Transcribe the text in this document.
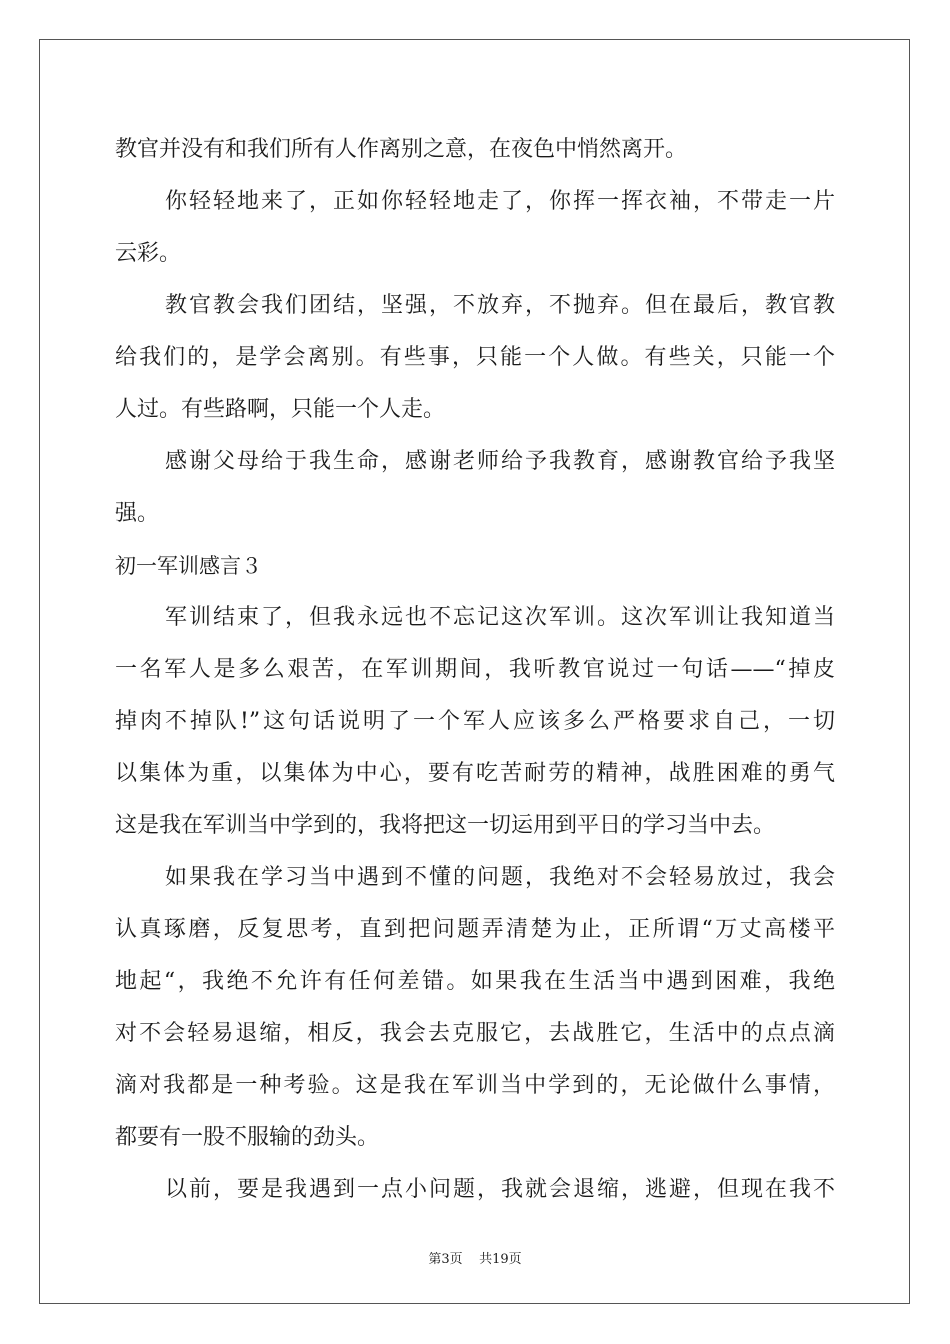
教官并没有和我们所有人作离别之意，在夜色中悄然离开。
你轻轻地来了，正如你轻轻地走了，你挥一挥衣袖，不带走一片
云彩。
教官教会我们团结，坚强，不放弃，不抛弃。但在最后，教官教
给我们的，是学会离别。有些事，只能一个人做。有些关，只能一个
人过。有些路啊，只能一个人走。
感谢父母给于我生命，感谢老师给予我教育，感谢教官给予我坚
强。
初一军训感言３
军训结束了，但我永远也不忘记这次军训。这次军训让我知道当
一名军人是多么艰苦，在军训期间，我听教官说过一句话——“掉皮
掉肉不掉队!”这句话说明了一个军人应该多么严格要求自己，一切
以集体为重，以集体为中心，要有吃苦耐劳的精神，战胜困难的勇气
这是我在军训当中学到的，我将把这一切运用到平日的学习当中去。
如果我在学习当中遇到不懂的问题，我绝对不会轻易放过，我会
认真琢磨，反复思考，直到把问题弄清楚为止，正所谓“万丈高楼平
地起“，我绝不允许有任何差错。如果我在生活当中遇到困难，我绝
对不会轻易退缩，相反，我会去克服它，去战胜它，生活中的点点滴
滴对我都是一种考验。这是我在军训当中学到的，无论做什么事情，
都要有一股不服输的劲头。
以前，要是我遇到一点小问题，我就会退缩，逃避，但现在我不
第3页 共19页
